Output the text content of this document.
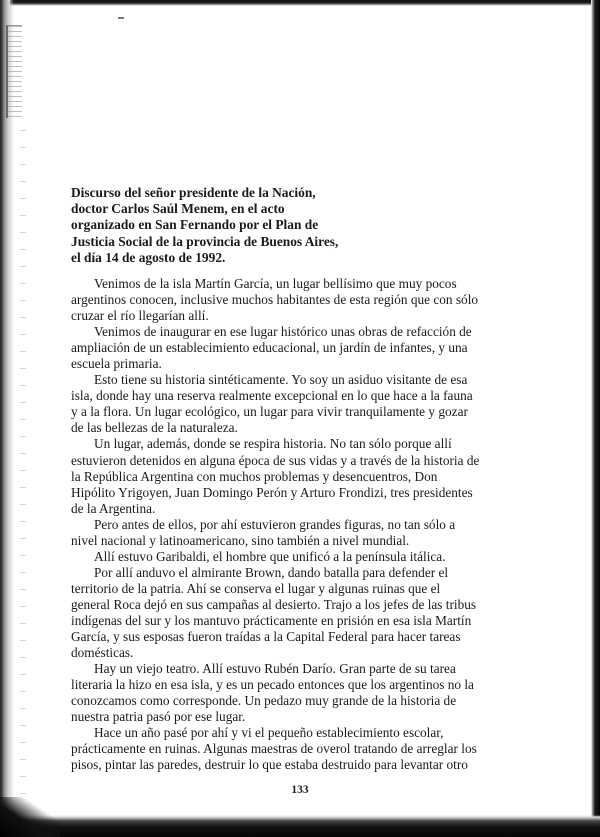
Discurso del señor presidente de la Nación,
doctor Carlos Saúl Menem, en el acto
organizado en San Fernando por el Plan de
Justicia Social de la provincia de Buenos Aires,
el día 14 de agosto de 1992.

Venimos de la isla Martín García, un lugar bellísimo que muy pocos
argentinos conocen, inclusive muchos habitantes de esta región que con sólo
cruzar el río llegarían allí.

Venimos de inaugurar en ese lugar histórico unas obras de refacción de
ampliación de un establecimiento educacional, un jardín de infantes, y una
escuela primaria.

Esto tiene su historia sintéticamente. Yo soy un asiduo visitante de esa
isla, donde hay una reserva realmente excepcional en lo que hace a la fauna
y a la flora. Un lugar ecológico, un lugar para vivir tranquilamente y gozar
de las bellezas de la naturaleza.

Un lugar, además, donde se respira historia. No tan sólo porque allí
estuvieron detenidos en alguna época de sus vidas y a través de la historia de
la República Argentina con muchos problemas y desencuentros, Don
Hipólito Yrigoyen, Juan Domingo Perón y Arturo Frondizi, tres presidentes
de la Argentina.

Pero antes de ellos, por ahí estuvieron grandes figuras, no tan sólo a
nivel nacional y latinoamericano, sino también a nivel mundial.

Allí estuvo Garibaldi, el hombre que unificó a la península itálica.

Por allí anduvo el almirante Brown, dando batalla para defender el
territorio de la patria. Ahí se conserva el lugar y algunas ruinas que el
general Roca dejó en sus campañas al desierto. Trajo a los jefes de las tribus
indígenas del sur y los mantuvo prácticamente en prisión en esa isla Martín
García, y sus esposas fueron traídas a la Capital Federal para hacer tareas
domésticas.

Hay un viejo teatro. Allí estuvo Rubén Darío. Gran parte de su tarea
literaria la hizo en esa isla, y es un pecado entonces que los argentinos no la
conozcamos como corresponde. Un pedazo muy grande de la historia de
nuestra patria pasó por ese lugar.

Hace un año pasé por ahí y vi el pequeño establecimiento escolar,
prácticamente en ruinas. Algunas maestras de overol tratando de arreglar los
pisos, pintar las paredes, destruir lo que estaba destruido para levantar otro

133
